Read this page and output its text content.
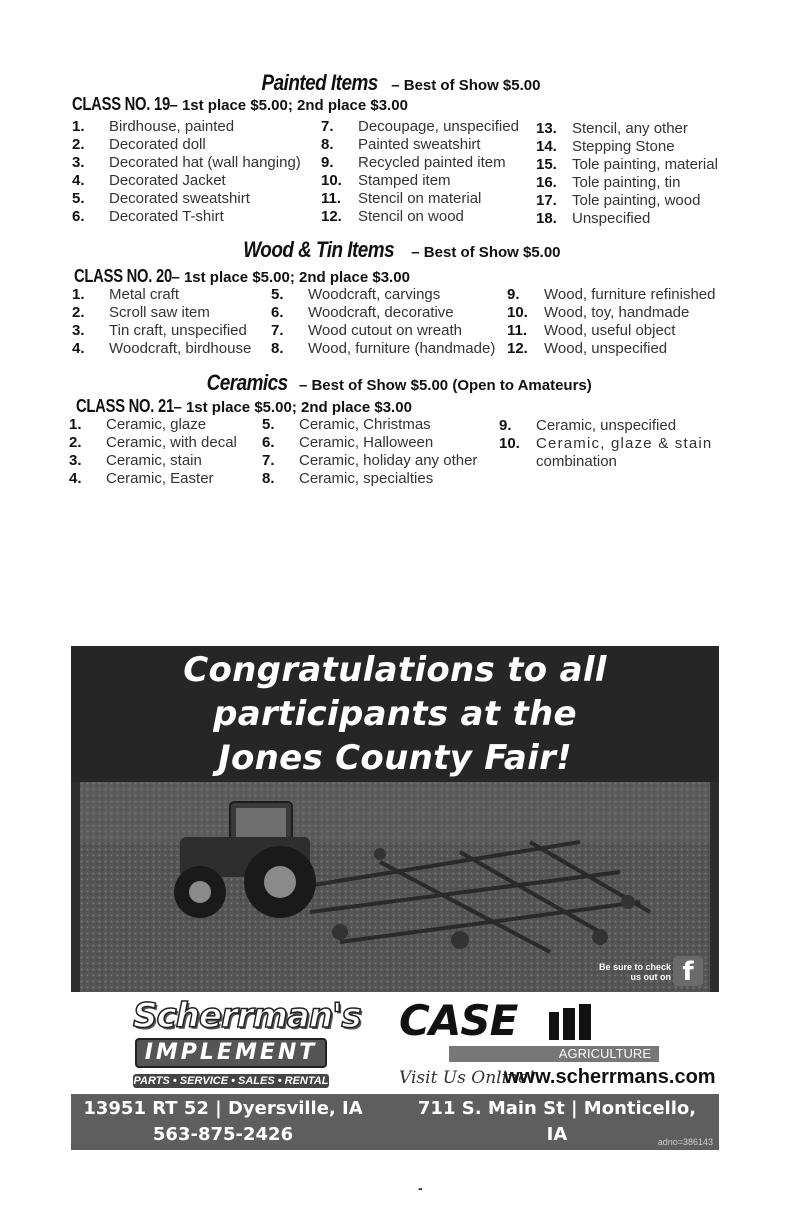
Painted Items – Best of Show $5.00
CLASS NO. 19– 1st place $5.00; 2nd place $3.00
1. Birdhouse, painted
2. Decorated doll
3. Decorated hat (wall hanging)
4. Decorated Jacket
5. Decorated sweatshirt
6. Decorated T-shirt
7. Decoupage, unspecified
8. Painted sweatshirt
9. Recycled painted item
10. Stamped item
11. Stencil on material
12. Stencil on wood
13. Stencil, any other
14. Stepping Stone
15. Tole painting, material
16. Tole painting, tin
17. Tole painting, wood
18. Unspecified
Wood & Tin Items – Best of Show $5.00
CLASS NO. 20– 1st place $5.00; 2nd place $3.00
1. Metal craft
2. Scroll saw item
3. Tin craft, unspecified
4. Woodcraft, birdhouse
5. Woodcraft, carvings
6. Woodcraft, decorative
7. Wood cutout on wreath
8. Wood, furniture (handmade)
9. Wood, furniture refinished
10. Wood, toy, handmade
11. Wood, useful object
12. Wood, unspecified
Ceramics – Best of Show $5.00 (Open to Amateurs)
CLASS NO. 21– 1st place $5.00; 2nd place $3.00
1. Ceramic, glaze
2. Ceramic, with decal
3. Ceramic, stain
4. Ceramic, Easter
5. Ceramic, Christmas
6. Ceramic, Halloween
7. Ceramic, holiday any other
8. Ceramic, specialties
9. Ceramic, unspecified
10. Ceramic, glaze & stain
combination
Congratulations to all
participants at the
Jones County Fair!
Be sure to check
us out on f
Scherrman's
IMPLEMENT
PARTS • SERVICE • SALES • RENTAL
CASE
AGRICULTURE
Visit Us Online!
www.scherrmans.com
13951 RT 52 | Dyersville, IA
563-875-2426
711 S. Main St | Monticello, IA
319-465-3519
adno=386143
-
